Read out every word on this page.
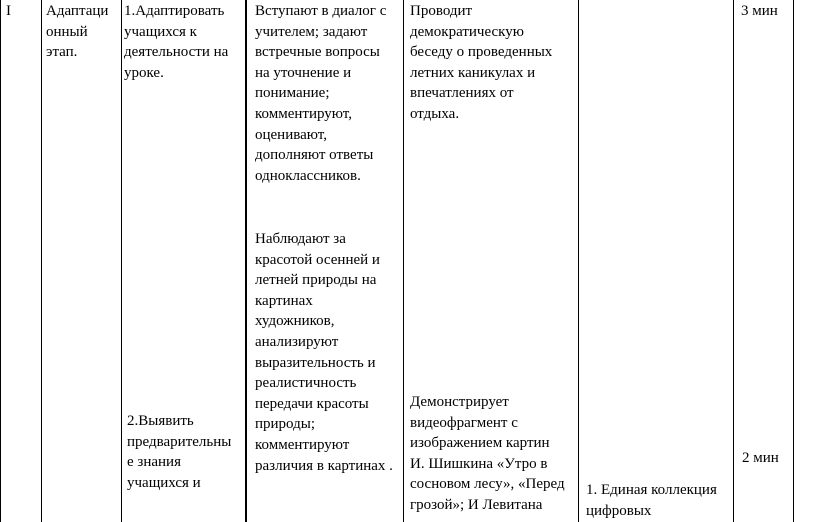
I Адаптаци
онный
этап.
1.Адаптировать
учащихся к
деятельности на
уроке.
2.Выявить
предварительны
е знания
учащихся и
Вступают в диалог с
учителем; задают
встречные вопросы
на уточнение и
понимание;
комментируют,
оценивают,
дополняют ответы
одноклассников.
Наблюдают за
красотой осенней и
летней природы на
картинах
художников,
анализируют
выразительность и
реалистичность
передачи красоты
природы;
комментируют
различия в картинах .
Проводит
демократическую
беседу о проведенных
летних каникулах и
впечатлениях от
отдыха.
Демонстрирует
видеофрагмент с
изображением картин
И. Шишкина «Утро в
сосновом лесу», «Перед
грозой»; И Левитана
1. Единая коллекция
цифровых
3 мин
2 мин
